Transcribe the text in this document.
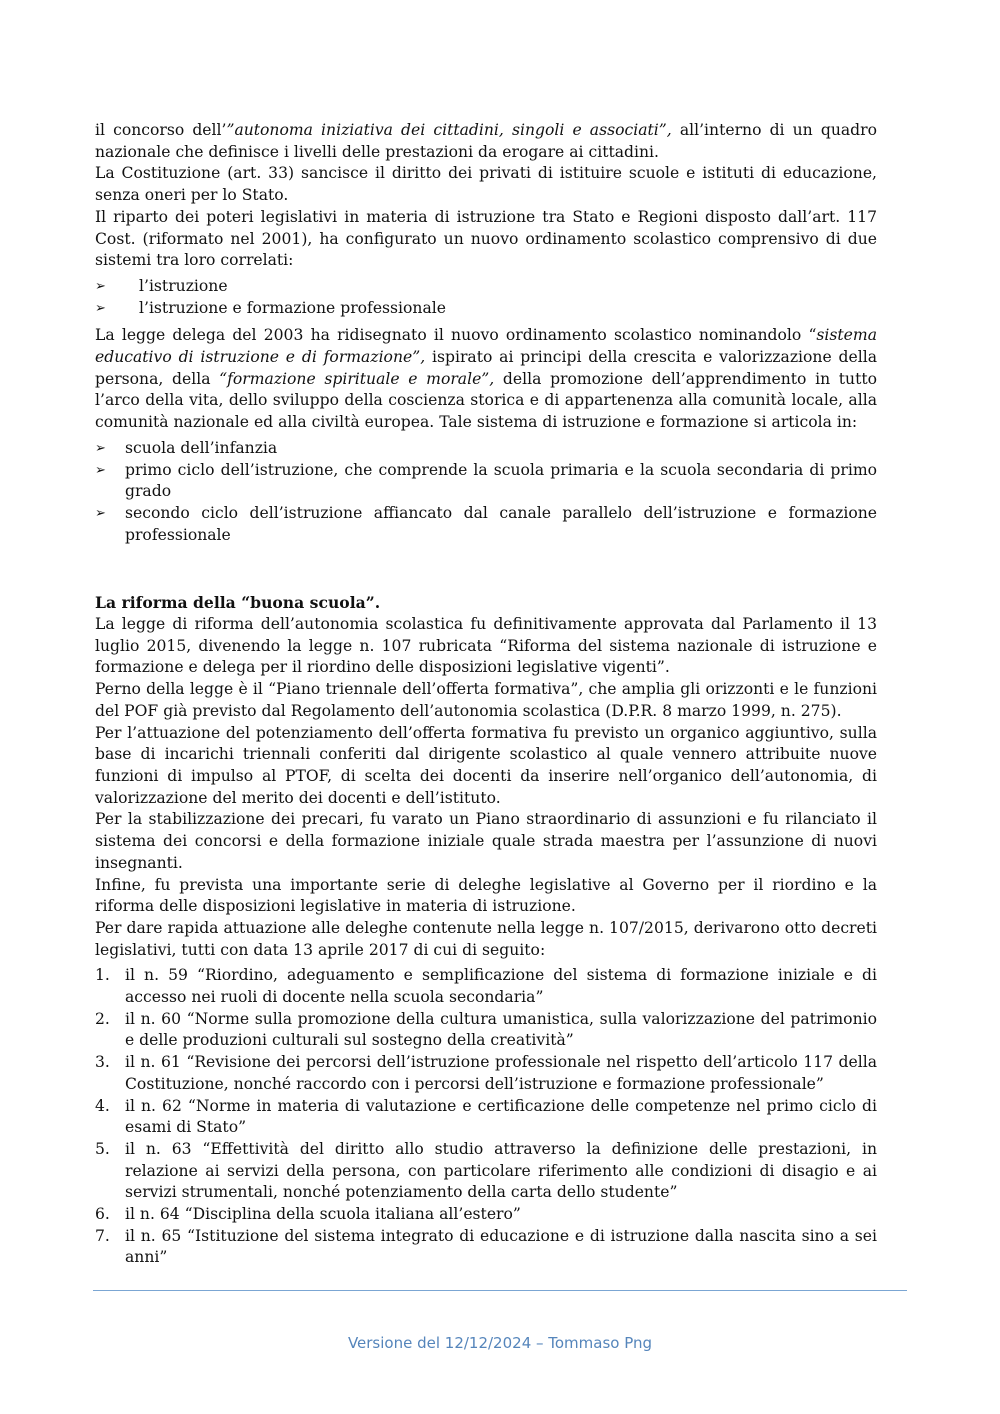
il concorso dell’”autonoma iniziativa dei cittadini, singoli e associati”, all’interno di un quadro nazionale che definisce i livelli delle prestazioni da erogare ai cittadini.

La Costituzione (art. 33) sancisce il diritto dei privati di istituire scuole e istituti di educazione, senza oneri per lo Stato.

Il riparto dei poteri legislativi in materia di istruzione tra Stato e Regioni disposto dall’art. 117 Cost. (riformato nel 2001), ha configurato un nuovo ordinamento scolastico comprensivo di due sistemi tra loro correlati:

➢ l’istruzione
➢ l’istruzione e formazione professionale

La legge delega del 2003 ha ridisegnato il nuovo ordinamento scolastico nominandolo “sistema educativo di istruzione e di formazione”, ispirato ai principi della crescita e valorizzazione della persona, della “formazione spirituale e morale”, della promozione dell’apprendimento in tutto l’arco della vita, dello sviluppo della coscienza storica e di appartenenza alla comunità locale, alla comunità nazionale ed alla civiltà europea. Tale sistema di istruzione e formazione si articola in:

➢ scuola dell’infanzia
➢ primo ciclo dell’istruzione, che comprende la scuola primaria e la scuola secondaria di primo grado
➢ secondo ciclo dell’istruzione affiancato dal canale parallelo dell’istruzione e formazione professionale
La riforma della “buona scuola”.

La legge di riforma dell’autonomia scolastica fu definitivamente approvata dal Parlamento il 13 luglio 2015, divenendo la legge n. 107 rubricata “Riforma del sistema nazionale di istruzione e formazione e delega per il riordino delle disposizioni legislative vigenti”.

Perno della legge è il “Piano triennale dell’offerta formativa”, che amplia gli orizzonti e le funzioni del POF già previsto dal Regolamento dell’autonomia scolastica (D.P.R. 8 marzo 1999, n. 275).

Per l’attuazione del potenziamento dell’offerta formativa fu previsto un organico aggiuntivo, sulla base di incarichi triennali conferiti dal dirigente scolastico al quale vennero attribuite nuove funzioni di impulso al PTOF, di scelta dei docenti da inserire nell’organico dell’autonomia, di valorizzazione del merito dei docenti e dell’istituto.

Per la stabilizzazione dei precari, fu varato un Piano straordinario di assunzioni e fu rilanciato il sistema dei concorsi e della formazione iniziale quale strada maestra per l’assunzione di nuovi insegnanti.

Infine, fu prevista una importante serie di deleghe legislative al Governo per il riordino e la riforma delle disposizioni legislative in materia di istruzione.

Per dare rapida attuazione alle deleghe contenute nella legge n. 107/2015, derivarono otto decreti legislativi, tutti con data 13 aprile 2017 di cui di seguito:

1. il n. 59 “Riordino, adeguamento e semplificazione del sistema di formazione iniziale e di accesso nei ruoli di docente nella scuola secondaria”
2. il n. 60 “Norme sulla promozione della cultura umanistica, sulla valorizzazione del patrimonio e delle produzioni culturali sul sostegno della creatività”
3. il n. 61 “Revisione dei percorsi dell’istruzione professionale nel rispetto dell’articolo 117 della Costituzione, nonché raccordo con i percorsi dell’istruzione e formazione professionale”
4. il n. 62 “Norme in materia di valutazione e certificazione delle competenze nel primo ciclo di esami di Stato”
5. il n. 63 “Effettività del diritto allo studio attraverso la definizione delle prestazioni, in relazione ai servizi della persona, con particolare riferimento alle condizioni di disagio e ai servizi strumentali, nonché potenziamento della carta dello studente”
6. il n. 64 “Disciplina della scuola italiana all’estero”
7. il n. 65 “Istituzione del sistema integrato di educazione e di istruzione dalla nascita sino a sei anni”
Versione del 12/12/2024 – Tommaso Png
